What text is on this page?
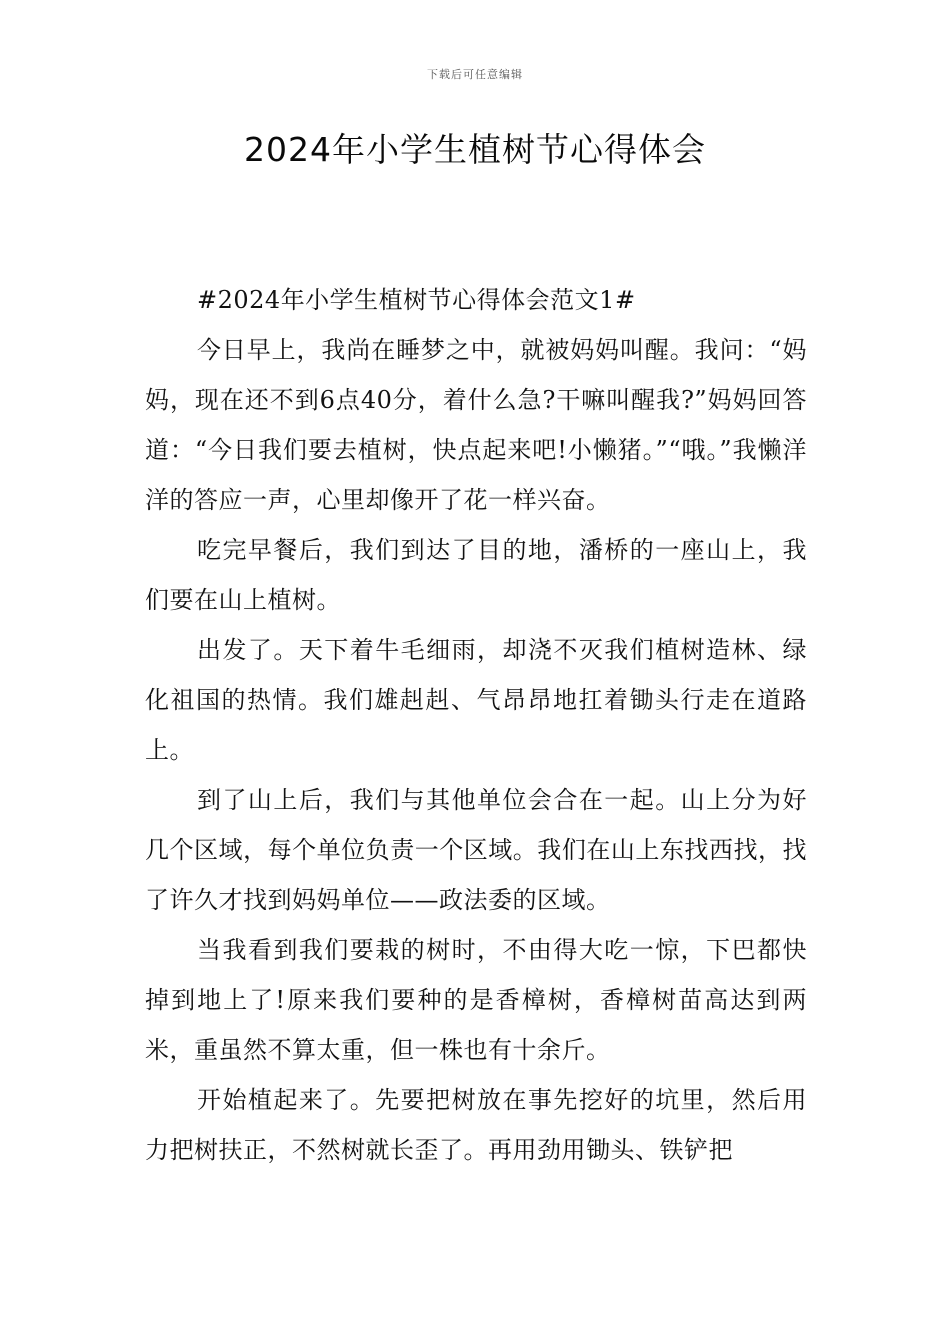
下载后可任意编辑
2024年小学生植树节心得体会

#2024年小学生植树节心得体会范文1#

今日早上，我尚在睡梦之中，就被妈妈叫醒。我问：“妈妈，现在还不到6点40分，着什么急?干嘛叫醒我?”妈妈回答道：“今日我们要去植树，快点起来吧!小懒猪。”“哦。”我懒洋洋的答应一声，心里却像开了花一样兴奋。

吃完早餐后，我们到达了目的地，潘桥的一座山上，我们要在山上植树。

出发了。天下着牛毛细雨，却浇不灭我们植树造林、绿化祖国的热情。我们雄赳赳、气昂昂地扛着锄头行走在道路上。

到了山上后，我们与其他单位会合在一起。山上分为好几个区域，每个单位负责一个区域。我们在山上东找西找，找了许久才找到妈妈单位——政法委的区域。

当我看到我们要栽的树时，不由得大吃一惊，下巴都快掉到地上了!原来我们要种的是香樟树，香樟树苗高达到两米，重虽然不算太重，但一株也有十余斤。

开始植起来了。先要把树放在事先挖好的坑里，然后用力把树扶正，不然树就长歪了。再用劲用锄头、铁铲把
